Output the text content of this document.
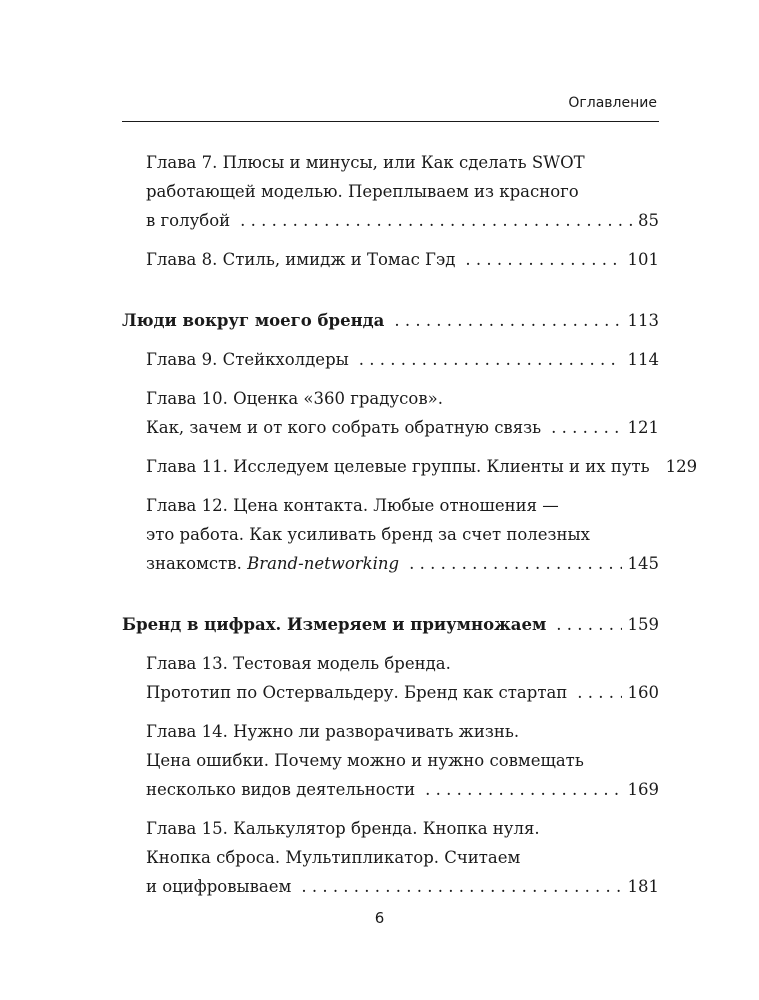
Оглавление
Глава 7. Плюсы и минусы, или Как сделать SWOT
работающей моделью. Переплываем из красного
в голубой . . .	85
Глава 8. Стиль, имидж и Томас Гэд . . .	101
Люди вокруг моего бренда . . .	113
Глава 9. Стейкхолдеры . . .	114
Глава 10. Оценка «360 градусов».
Как, зачем и от кого собрать обратную связь . . .	121
Глава 11. Исследуем целевые группы. Клиенты и их путь 129
Глава 12. Цена контакта. Любые отношения —
это работа. Как усиливать бренд за счет полезных
знакомств. Brand-networking . . .	145
Бренд в цифрах. Измеряем и приумножаем . . .	159
Глава 13. Тестовая модель бренда.
Прототип по Остервальдеру. Бренд как стартап . . .	160
Глава 14. Нужно ли разворачивать жизнь.
Цена ошибки. Почему можно и нужно совмещать
несколько видов деятельности . . .	169
Глава 15. Калькулятор бренда. Кнопка нуля.
Кнопка сброса. Мультипликатор. Считаем
и оцифровываем . . .	181
6
